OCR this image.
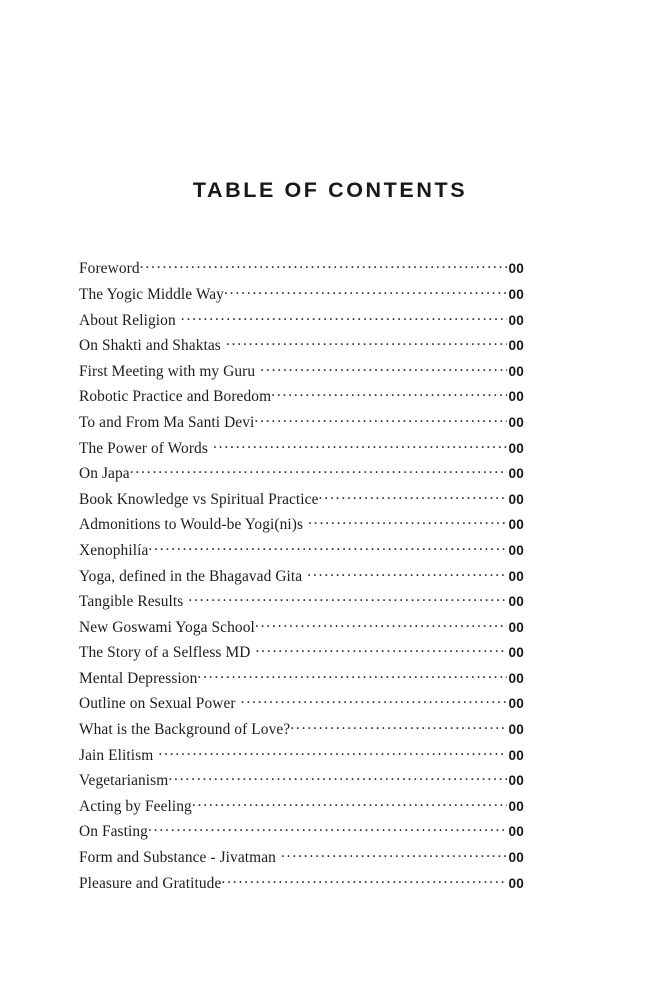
TABLE OF CONTENTS
Foreword .....	00
The Yogic Middle Way .....	00
About Religion .....	00
On Shakti and Shaktas .....	00
First Meeting with my Guru .....	00
Robotic Practice and Boredom .....	00
To and From Ma Santi Devi .....	00
The Power of Words .....	00
On Japa .....	00
Book Knowledge vs Spiritual Practice .....	00
Admonitions to Would-be Yogi(ni)s .....	00
Xenophilía .....	00
Yoga, defined in the Bhagavad Gita .....	00
Tangible Results .....	00
New Goswami Yoga School .....	00
The Story of a Selfless MD .....	00
Mental Depression .....	00
Outline on Sexual Power .....	00
What is the Background of Love? .....	00
Jain Elitism .....	00
Vegetarianism .....	00
Acting by Feeling .....	00
On Fasting .....	00
Form and Substance - Jivatman .....	00
Pleasure and Gratitude .....	00
